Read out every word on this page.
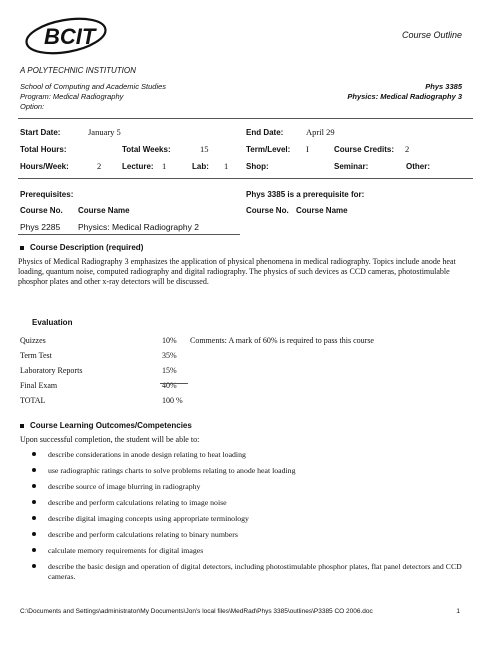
BCIT	Course Outline
A POLYTECHNIC INSTITUTION
School of Computing and Academic Studies
Program: Medical Radiography
Option:
Phys 3385
Physics: Medical Radiography 3
Start Date:	January 5	End Date:	April 29
Total Hours:	Total Weeks:	15	Term/Level: I	Course Credits: 2
Hours/Week:	2	Lecture: 1	Lab: 1 Shop:	Seminar:	Other:
Prerequisites:	Phys 3385 is a prerequisite for:
Course No. Course Name	Course No. Course Name
Phys 2285 Physics: Medical Radiography 2
Course Description (required)
Physics of Medical Radiography 3 emphasizes the application of physical phenomena in medical radiography. Topics include anode heat loading, quantum noise, computed radiography and digital radiography. The physics of such devices as CCD cameras, photostimulable phosphor plates and other x-ray detectors will be discussed.
Evaluation
Quizzes	10% Comments: A mark of 60% is required to pass this course
Term Test	35%
Laboratory Reports	15%
Final Exam	40%
TOTAL	100 %
Course Learning Outcomes/Competencies
Upon successful completion, the student will be able to:
describe considerations in anode design relating to heat loading
use radiographic ratings charts to solve problems relating to anode heat loading
describe source of image blurring in radiography
describe and perform calculations relating to image noise
describe digital imaging concepts using appropriate terminology
describe and perform calculations relating to binary numbers
calculate memory requirements for digital images
describe the basic design and operation of digital detectors, including photostimulable phosphor plates, flat panel detectors and CCD cameras.
C:\Documents and Settings\administrator\My Documents\Jon's local files\MedRad\Phys 3385\outlines\P3385 CO 2006.doc	1
